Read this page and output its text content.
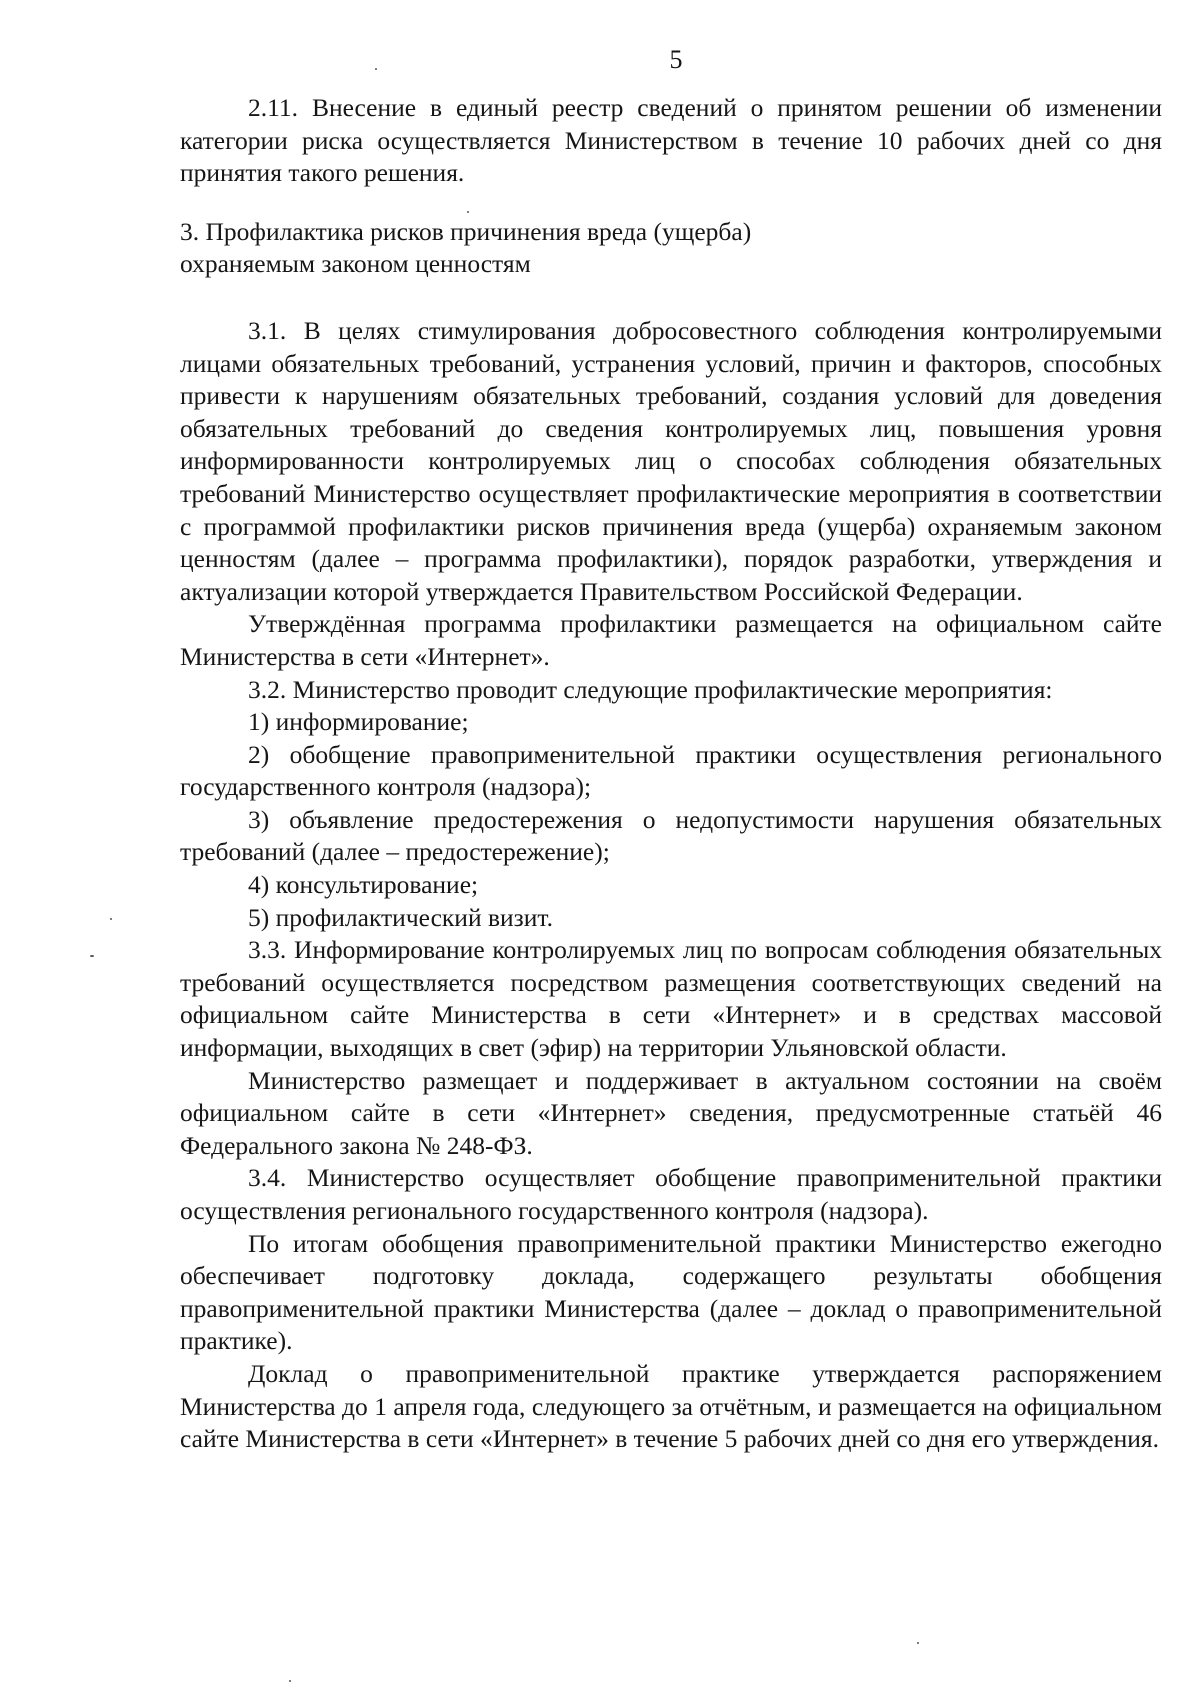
5

2.11. Внесение в единый реестр сведений о принятом решении об изменении категории риска осуществляется Министерством в течение 10 рабочих дней со дня принятия такого решения.

3. Профилактика рисков причинения вреда (ущерба)
охраняемым законом ценностям

3.1. В целях стимулирования добросовестного соблюдения контролируемыми лицами обязательных требований, устранения условий, причин и факторов, способных привести к нарушениям обязательных требований, создания условий для доведения обязательных требований до сведения контролируемых лиц, повышения уровня информированности контролируемых лиц о способах соблюдения обязательных требований Министерство осуществляет профилактические мероприятия в соответствии с программой профилактики рисков причинения вреда (ущерба) охраняемым законом ценностям (далее – программа профилактики), порядок разработки, утверждения и актуализации которой утверждается Правительством Российской Федерации.

Утверждённая программа профилактики размещается на официальном сайте Министерства в сети «Интернет».

3.2. Министерство проводит следующие профилактические мероприятия:

1) информирование;

2) обобщение правоприменительной практики осуществления регионального государственного контроля (надзора);

3) объявление предостережения о недопустимости нарушения обязательных требований (далее – предостережение);

4) консультирование;

5) профилактический визит.

3.3. Информирование контролируемых лиц по вопросам соблюдения обязательных требований осуществляется посредством размещения соответствующих сведений на официальном сайте Министерства в сети «Интернет» и в средствах массовой информации, выходящих в свет (эфир) на территории Ульяновской области.

Министерство размещает и поддерживает в актуальном состоянии на своём официальном сайте в сети «Интернет» сведения, предусмотренные статьёй 46 Федерального закона № 248-ФЗ.

3.4. Министерство осуществляет обобщение правоприменительной практики осуществления регионального государственного контроля (надзора).

По итогам обобщения правоприменительной практики Министерство ежегодно обеспечивает подготовку доклада, содержащего результаты обобщения правоприменительной практики Министерства (далее – доклад о правоприменительной практике).

Доклад о правоприменительной практике утверждается распоряжением Министерства до 1 апреля года, следующего за отчётным, и размещается на официальном сайте Министерства в сети «Интернет» в течение 5 рабочих дней со дня его утверждения.
